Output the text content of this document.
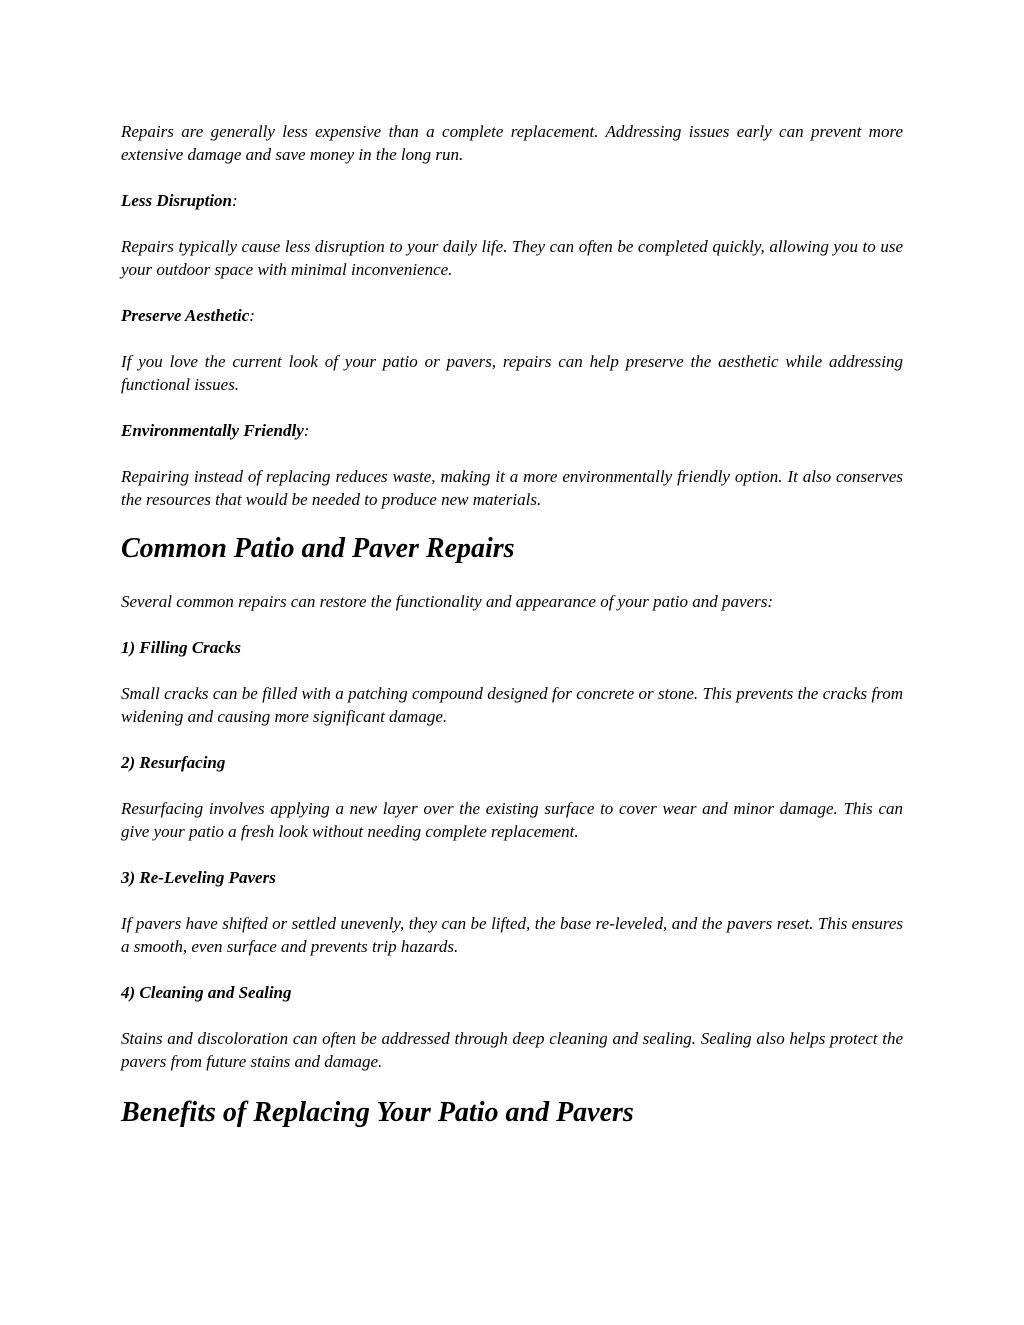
Repairs are generally less expensive than a complete replacement. Addressing issues early can prevent more extensive damage and save money in the long run.

Less Disruption:

Repairs typically cause less disruption to your daily life. They can often be completed quickly, allowing you to use your outdoor space with minimal inconvenience.

Preserve Aesthetic:

If you love the current look of your patio or pavers, repairs can help preserve the aesthetic while addressing functional issues.

Environmentally Friendly:

Repairing instead of replacing reduces waste, making it a more environmentally friendly option. It also conserves the resources that would be needed to produce new materials.

Common Patio and Paver Repairs

Several common repairs can restore the functionality and appearance of your patio and pavers:

1) Filling Cracks

Small cracks can be filled with a patching compound designed for concrete or stone. This prevents the cracks from widening and causing more significant damage.

2) Resurfacing

Resurfacing involves applying a new layer over the existing surface to cover wear and minor damage. This can give your patio a fresh look without needing complete replacement.

3) Re-Leveling Pavers

If pavers have shifted or settled unevenly, they can be lifted, the base re-leveled, and the pavers reset. This ensures a smooth, even surface and prevents trip hazards.

4) Cleaning and Sealing

Stains and discoloration can often be addressed through deep cleaning and sealing. Sealing also helps protect the pavers from future stains and damage.

Benefits of Replacing Your Patio and Pavers
